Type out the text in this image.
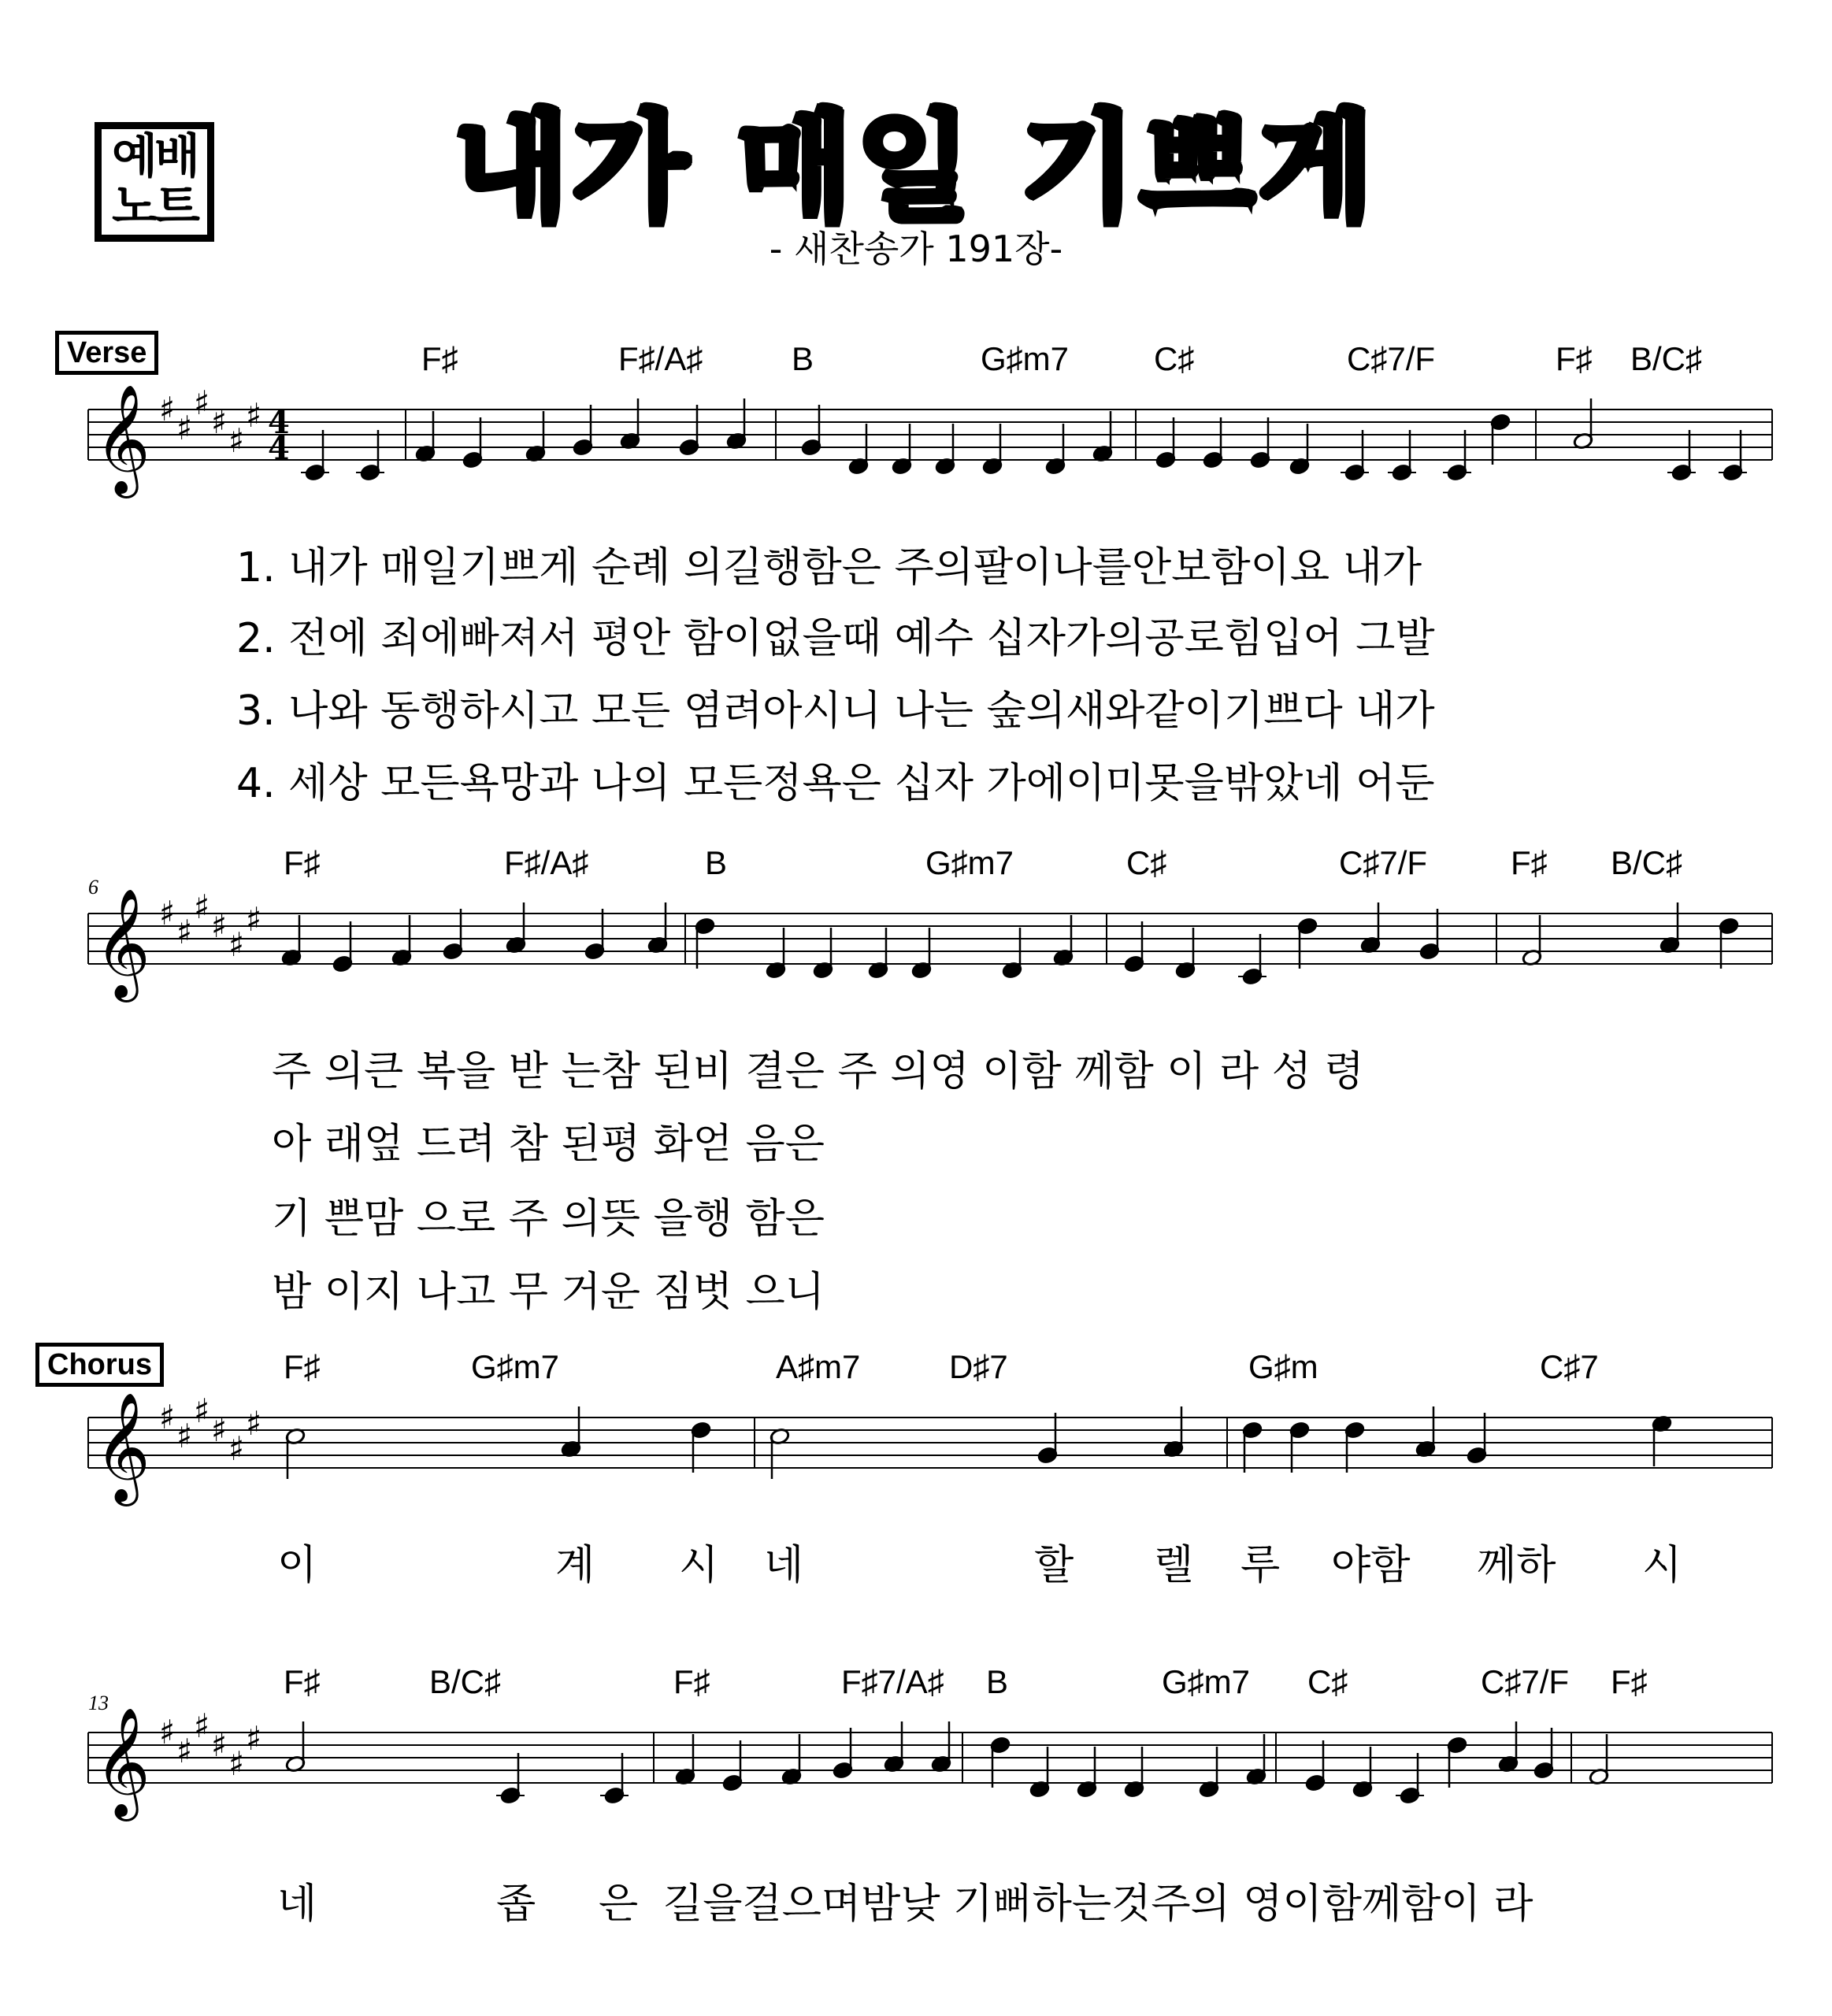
예배
노트	내가 매일 기쁘게
- 새찬송가 191장-
Verse	F♯	F♯/A♯	B	G♯m7	C♯	C♯7/F	F♯ B/C♯
𝄞 ♯ ♯
♯ ♯ ♯
♯ 4
4
1. 내가 매일기쁘게 순례 의길행함은 주의팔이나를안보함이요 내가
2. 전에 죄에빠져서 평안 함이없을때 예수 십자가의공로힘입어 그발
3. 나와 동행하시고 모든 염려아시니 나는 숲의새와같이기쁘다 내가
4. 세상 모든욕망과 나의 모든정욕은 십자 가에이미못을밖았네 어둔
6
F♯	F♯/A♯	B	G♯m7	C♯	C♯7/F	F♯ B/C♯
𝄞 ♯ ♯
♯ ♯ ♯
♯
주 의큰 복을 받 는참 된비 결은 주 의영 이함 께함 이 라 성 령
아 래엎 드려 참 된평 화얻 음은
기 쁜맘 으로 주 의뜻 을행 함은
밤 이지 나고 무 거운 짐벗 으니
Chorus	F♯	G♯m7	A♯m7	D♯7	G♯m	C♯7
𝄞 ♯ ♯
♯ ♯ ♯
♯
이	계 시 네	할 렐 루 야함 께하 시
13
F♯	B/C♯	F♯	F♯7/A♯ B	G♯m7 C♯	C♯7/F F♯
𝄞 ♯ ♯
♯ ♯ ♯
♯
네	좁 은 길을걸으며밤낮 기뻐하는것주의 영이함께함이 라
